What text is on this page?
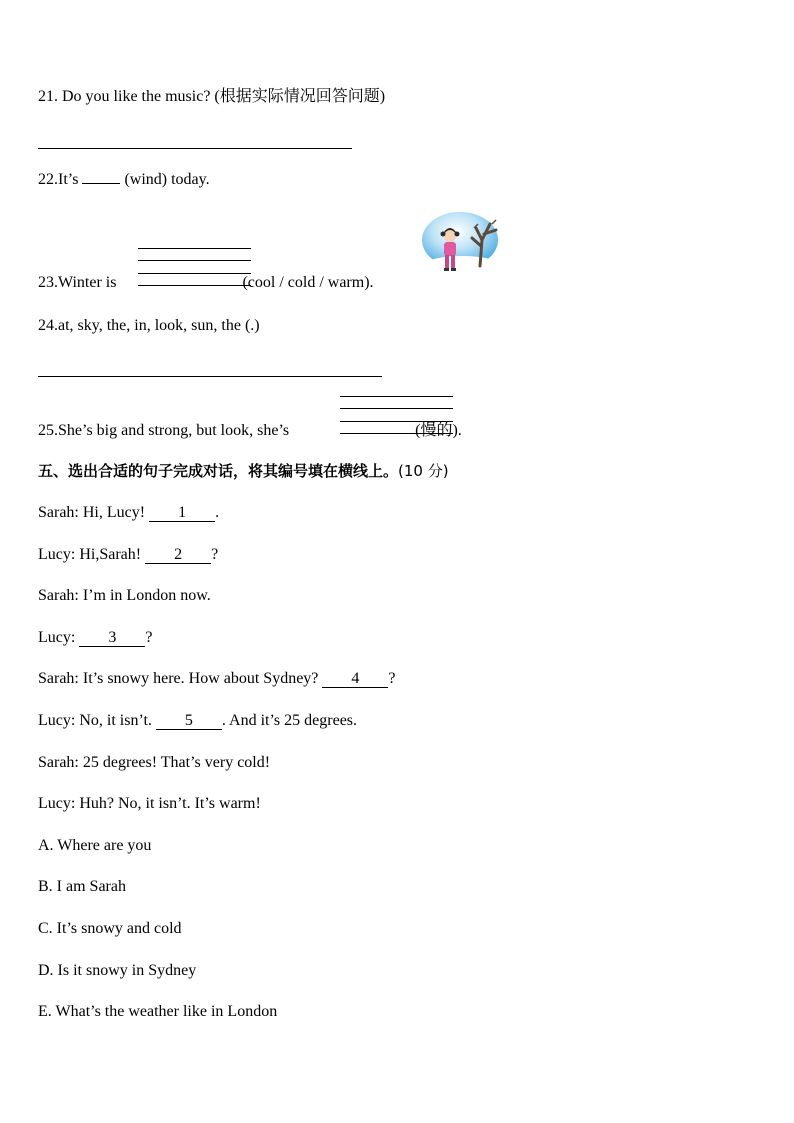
21. Do you like the music? (根据实际情况回答问题)
22.It’s	(wind) today.
23.Winter is	(cool / cold / warm).
24.at, sky, the, in, look, sun, the (.)
25.She’s big and strong, but look, she’s	(慢的).
五、选出合适的句子完成对话，将其编号填在横线上。(10 分)
Sarah: Hi, Lucy! 1 .
Lucy: Hi,Sarah! 2 ?
Sarah: I’m in London now.
Lucy: 3 ?
Sarah: It’s snowy here. How about Sydney? 4 ?
Lucy: No, it isn’t. 5 . And it’s 25 degrees.
Sarah: 25 degrees! That’s very cold!
Lucy: Huh? No, it isn’t. It’s warm!
A. Where are you
B. I am Sarah
C. It’s snowy and cold
D. Is it snowy in Sydney
E. What’s the weather like in London
